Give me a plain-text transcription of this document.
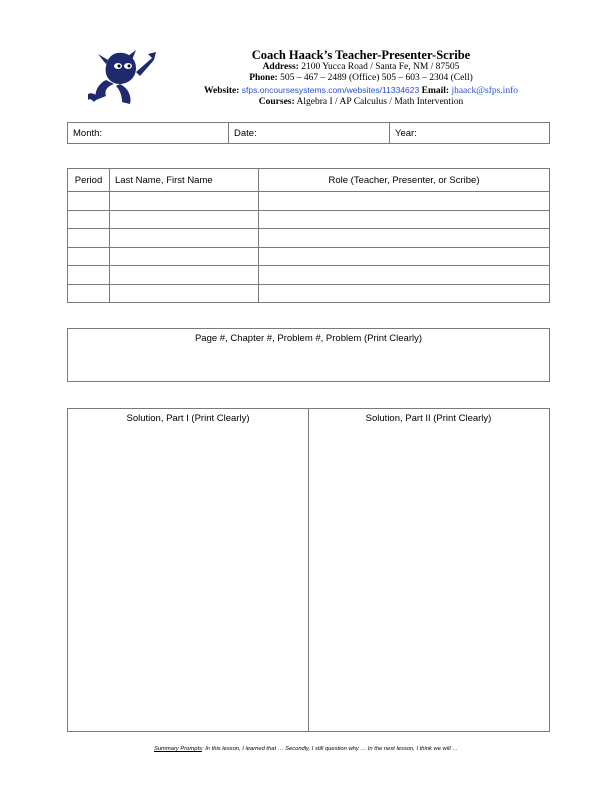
Coach Haack’s Teacher-Presenter-Scribe
Address: 2100 Yucca Road / Santa Fe, NM / 87505
Phone: 505 – 467 – 2489 (Office) 505 – 603 – 2304 (Cell)
Website: sfps.oncoursesystems.com/websites/11334623 Email: jhaack@sfps.info
Courses: Algebra I / AP Calculus / Math Intervention
Month:	Date:	Year:
Period	Last Name, First Name	Role (Teacher, Presenter, or Scribe)

Page #, Chapter #, Problem #, Problem (Print Clearly)
Solution, Part I (Print Clearly)	Solution, Part II (Print Clearly)
Summary Prompts: In this lesson, I learned that … Secondly, I still question why … In the next lesson, I think we will …
